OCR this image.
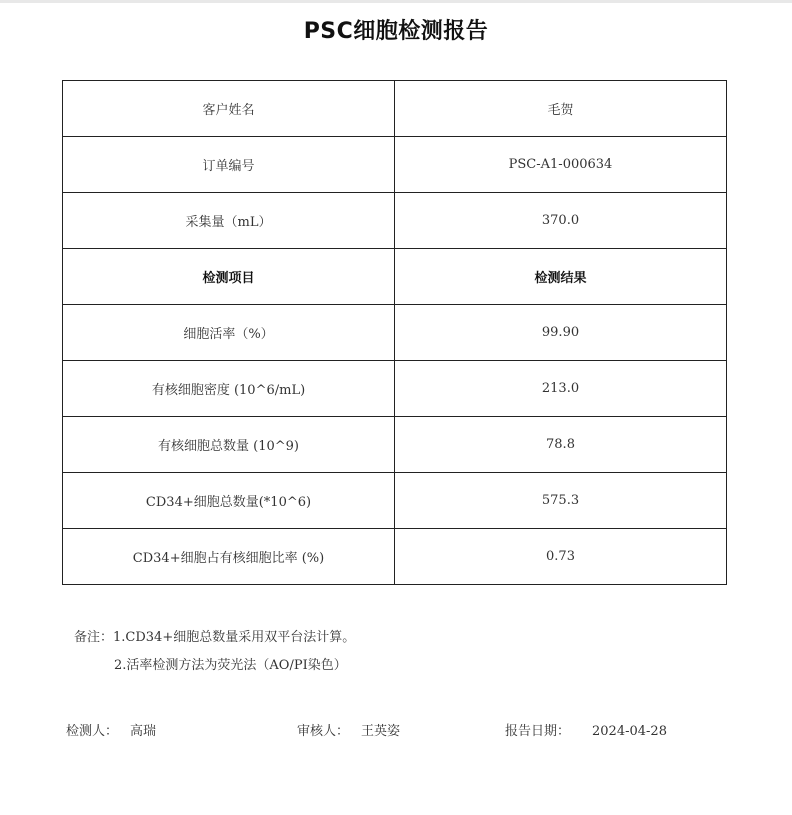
PSC细胞检测报告
客户姓名	毛贺
订单编号	PSC-A1-000634
采集量（mL）	370.0
检测项目	检测结果
细胞活率（%）	99.90
有核细胞密度 (10^6/mL)	213.0
有核细胞总数量 (10^9)	78.8
CD34+细胞总数量(*10^6)	575.3
CD34+细胞占有核细胞比率 (%)	0.73
备注：1.CD34+细胞总数量采用双平台法计算。
2.活率检测方法为荧光法（AO/PI染色）
检测人： 高瑞	审核人： 王英姿	报告日期： 2024-04-28
